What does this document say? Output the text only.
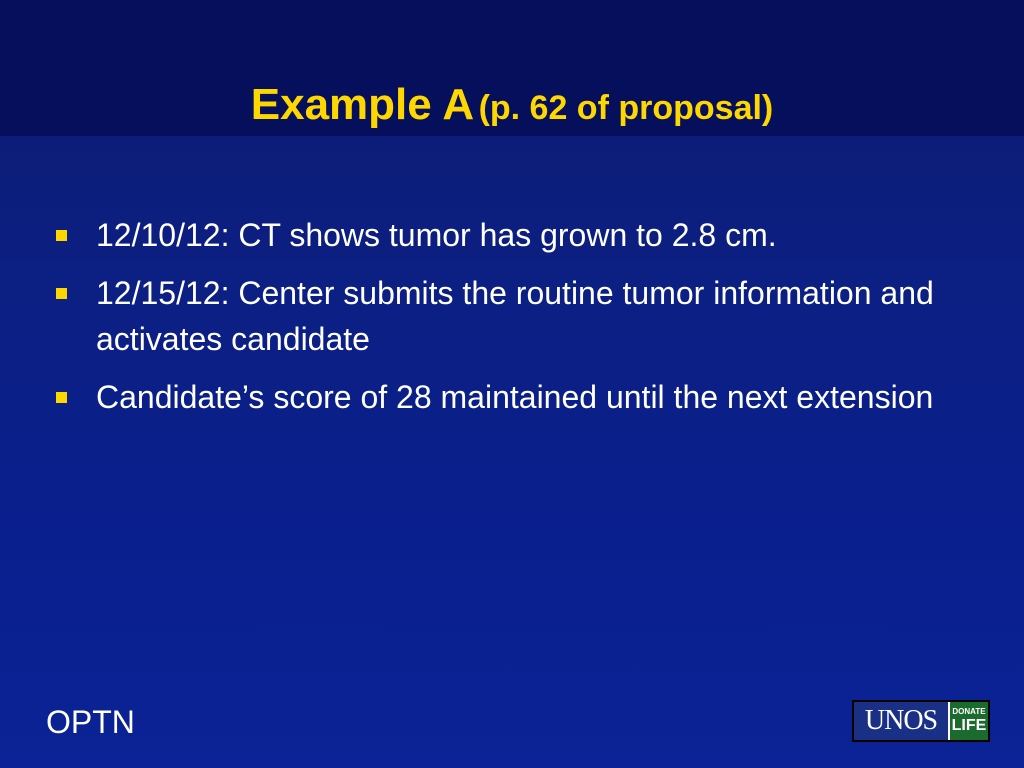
Example A (p. 62 of proposal)
12/10/12: CT shows tumor has grown to 2.8 cm.
12/15/12: Center submits the routine tumor information and activates candidate
Candidate’s score of 28 maintained until the next extension
OPTN	UNOS	DONATE
LIFE
